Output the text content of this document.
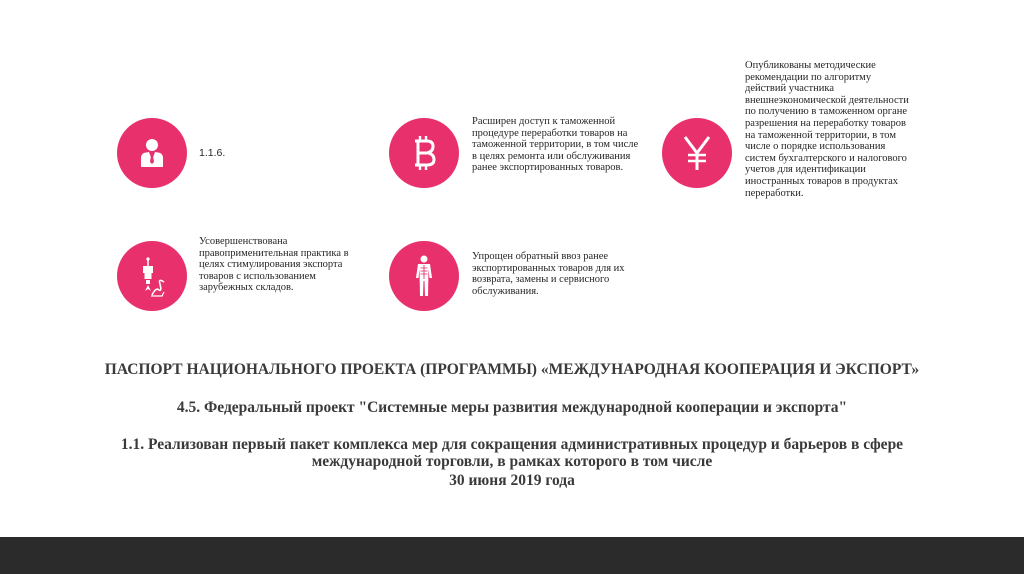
1.1.6.
Расширен доступ к таможенной процедуре переработки товаров на таможенной территории, в том числе в целях ремонта или обслуживания ранее экспортированных товаров.
Опубликованы методические рекомендации по алгоритму действий участника внешнеэкономической деятельности по получению в таможенном органе разрешения на переработку товаров на таможенной территории, в том числе о порядке использования систем бухгалтерского и налогового учетов для идентификации иностранных товаров в продуктах переработки.
Усовершенствована правоприменительная практика в целях стимулирования экспорта товаров с использованием зарубежных складов.
Упрощен обратный ввоз ранее экспортированных товаров для их возврата, замены и сервисного обслуживания.
ПАСПОРТ НАЦИОНАЛЬНОГО ПРОЕКТА (ПРОГРАММЫ) «МЕЖДУНАРОДНАЯ КООПЕРАЦИЯ И ЭКСПОРТ»
4.5. Федеральный проект "Системные меры развития международной кооперации и экспорта"
1.1. Реализован первый пакет комплекса мер для сокращения административных процедур и барьеров в сфере международной торговли, в рамках которого в том числе
30 июня 2019 года
